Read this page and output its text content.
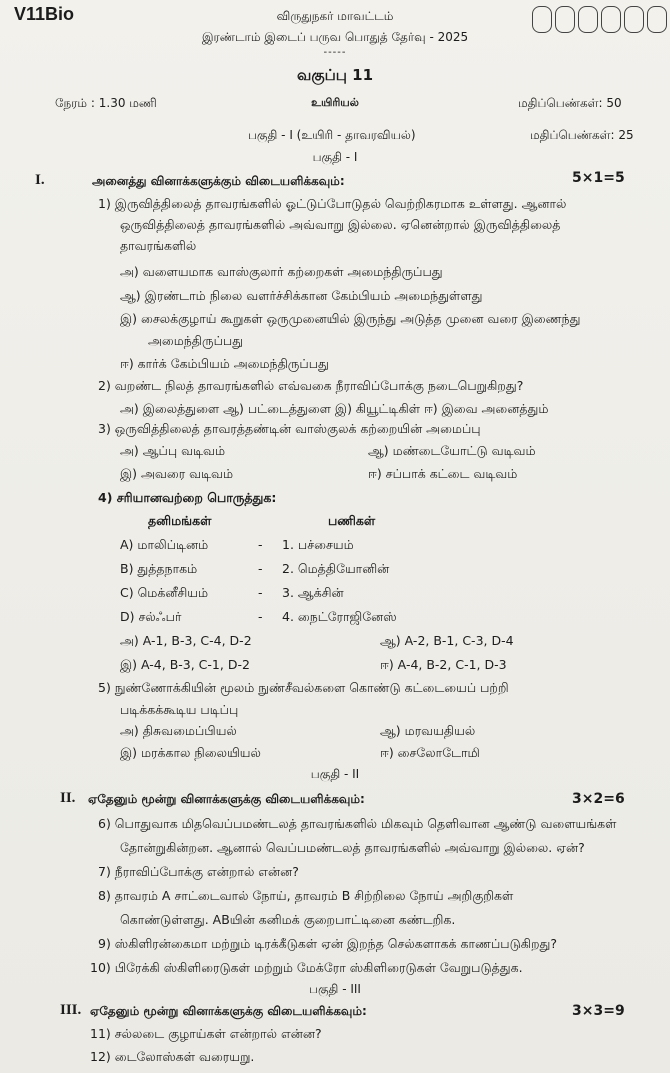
V11Bio	விருதுநகர் மாவட்டம்
இரண்டாம் இடைப் பருவ பொதுத் தேர்வு - 2025
-----
வகுப்பு 11
நேரம் : 1.30 மணி	உயிரியல்	மதிப்பெண்கள்: 50
பகுதி - I (உயிரி - தாவரவியல்)	மதிப்பெண்கள்: 25
பகுதி - I
I.	அனைத்து வினாக்களுக்கும் விடையளிக்கவும்:	5×1=5
1) இருவித்திலைத் தாவரங்களில் ஓட்டுப்போடுதல் வெற்றிகரமாக உள்ளது. ஆனால்
ஒருவித்திலைத் தாவரங்களில் அவ்வாறு இல்லை. ஏனென்றால் இருவித்திலைத்
தாவரங்களில்
அ) வளையமாக வாஸ்குலார் கற்றைகள் அமைந்திருப்பது
ஆ) இரண்டாம் நிலை வளர்ச்சிக்கான கேம்பியம் அமைந்துள்ளது
இ) சைலக்குழாய் கூறுகள் ஒருமுனையில் இருந்து அடுத்த முனை வரை இணைந்து
அமைந்திருப்பது
ஈ) கார்க் கேம்பியம் அமைந்திருப்பது
2) வறண்ட நிலத் தாவரங்களில் எவ்வகை நீராவிப்போக்கு நடைபெறுகிறது?
அ) இலைத்துளை ஆ) பட்டைத்துளை இ) கியூட்டிகிள் ஈ) இவை அனைத்தும்
3) ஒருவித்திலைத் தாவரத்தண்டின் வாஸ்குலக் கற்றையின் அமைப்பு
அ) ஆப்பு வடிவம்	ஆ) மண்டையோட்டு வடிவம்
இ) அவரை வடிவம்	ஈ) சப்பாக் கட்டை வடிவம்
4) சரியானவற்றை பொருத்துக:
தனிமங்கள்	பணிகள்
A) மாலிப்டினம்	- 1. பச்சையம்
B) துத்தநாகம்	- 2. மெத்தியோனின்
C) மெக்னீசியம்	- 3. ஆக்சின்
D) சல்ஃபர்	- 4. நைட்ரோஜினேஸ்
அ) A-1, B-3, C-4, D-2	ஆ) A-2, B-1, C-3, D-4
இ) A-4, B-3, C-1, D-2	ஈ) A-4, B-2, C-1, D-3
5) நுண்ணோக்கியின் மூலம் நுண்சீவல்களை கொண்டு கட்டையைப் பற்றி
படிக்கக்கூடிய படிப்பு
அ) திசுவமைப்பியல்	ஆ) மரவயதியல்
இ) மரக்கால நிலையியல்	ஈ) சைலோடோமி
பகுதி - II
II. ஏதேனும் மூன்று வினாக்களுக்கு விடையளிக்கவும்:	3×2=6
6) பொதுவாக மிதவெப்பமண்டலத் தாவரங்களில் மிகவும் தெளிவான ஆண்டு வளையங்கள்
தோன்றுகின்றன. ஆனால் வெப்பமண்டலத் தாவரங்களில் அவ்வாறு இல்லை. ஏன்?
7) நீராவிப்போக்கு என்றால் என்ன?
8) தாவரம் A சாட்டைவால் நோய், தாவரம் B சிற்றிலை நோய் அறிகுறிகள்
கொண்டுள்ளது. ABயின் கனிமக் குறைபாட்டினை கண்டறிக.
9) ஸ்கிளிரன்கைமா மற்றும் டிரக்கீடுகள் ஏன் இறந்த செல்களாகக் காணப்படுகிறது?
10) பிரேக்கி ஸ்கிளிரைடுகள் மற்றும் மேக்ரோ ஸ்கிளிரைடுகள் வேறுபடுத்துக.
பகுதி - III
III. ஏதேனும் மூன்று வினாக்களுக்கு விடையளிக்கவும்:	3×3=9
11) சல்லடை குழாய்கள் என்றால் என்ன?
12) டைலோஸ்கள் வரையறு.
